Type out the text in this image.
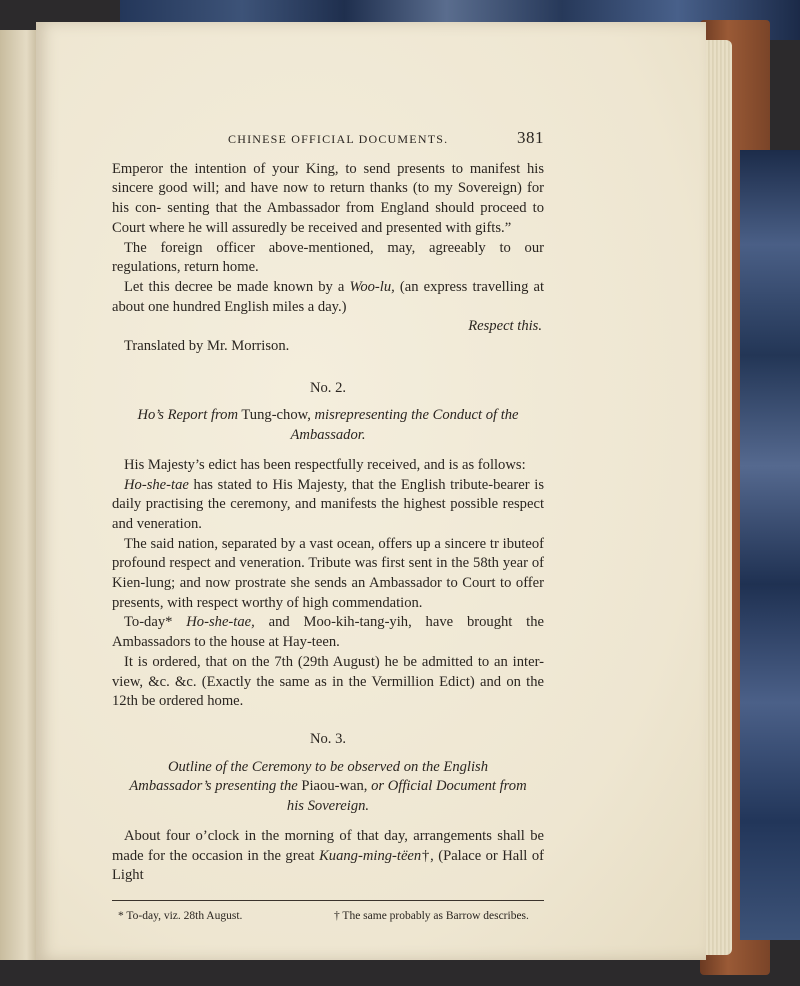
CHINESE OFFICIAL DOCUMENTS.	381

Emperor the intention of your King, to send presents to manifest his sincere good will; and have now to return thanks (to my Sovereign) for his con- senting that the Ambassador from England should proceed to Court where he will assuredly be received and presented with gifts.”

The foreign officer above-mentioned, may, agreeably to our regulations, return home.

Let this decree be made known by a Woo-lu, (an express travelling at about one hundred English miles a day.)

Respect this.

Translated by Mr. Morrison.

No. 2.

Ho’s Report from Tung-chow, misrepresenting the Conduct of the Ambassador.

His Majesty’s edict has been respectfully received, and is as follows:

Ho-she-tae has stated to His Majesty, that the English tribute-bearer is daily practising the ceremony, and manifests the highest possible respect and veneration.

The said nation, separated by a vast ocean, offers up a sincere tr ibuteof profound respect and veneration. Tribute was first sent in the 58th year of Kien-lung; and now prostrate she sends an Ambassador to Court to offer presents, with respect worthy of high commendation.

To-day* Ho-she-tae, and Moo-kih-tang-yih, have brought the Ambassadors to the house at Hay-teen.

It is ordered, that on the 7th (29th August) he be admitted to an inter- view, &c. &c. (Exactly the same as in the Vermillion Edict) and on the 12th be ordered home.

No. 3.

Outline of the Ceremony to be observed on the English Ambassador’s presenting the Piaou-wan, or Official Document from his Sovereign.

About four o’clock in the morning of that day, arrangements shall be made for the occasion in the great Kuang-ming-tëen†, (Palace or Hall of Light

* To-day, viz. 28th August.	† The same probably as Barrow describes.
